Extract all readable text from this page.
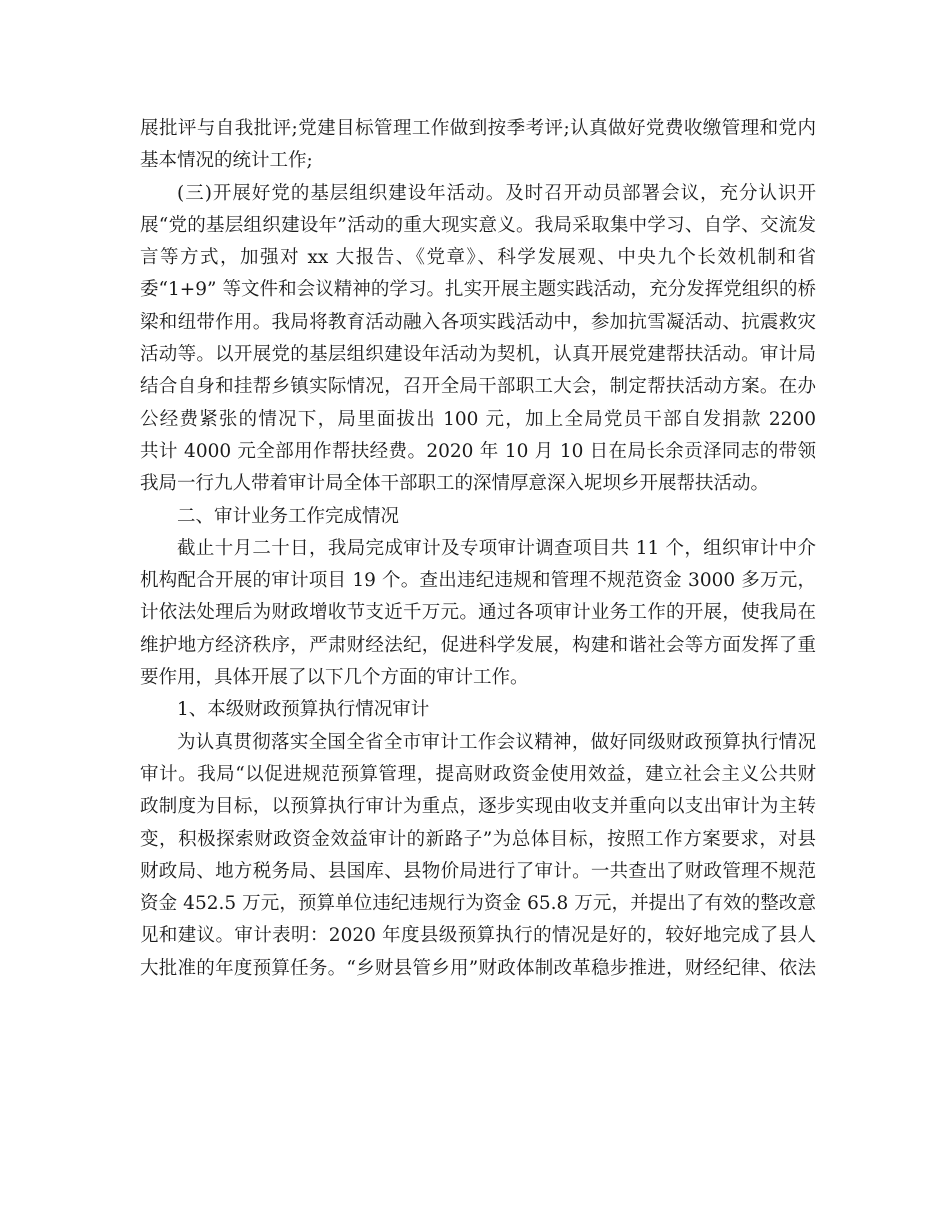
展批评与自我批评;党建目标管理工作做到按季考评;认真做好党费收缴管理和党内
基本情况的统计工作;
(三)开展好党的基层组织建设年活动。及时召开动员部署会议，充分认识开
展“党的基层组织建设年”活动的重大现实意义。我局采取集中学习、自学、交流发
言等方式，加强对 xx 大报告、《党章》、科学发展观、中央九个长效机制和省
委“1+9” 等文件和会议精神的学习。扎实开展主题实践活动，充分发挥党组织的桥
梁和纽带作用。我局将教育活动融入各项实践活动中，参加抗雪凝活动、抗震救灾
活动等。以开展党的基层组织建设年活动为契机，认真开展党建帮扶活动。审计局
结合自身和挂帮乡镇实际情况，召开全局干部职工大会，制定帮扶活动方案。在办
公经费紧张的情况下，局里面拔出 100 元，加上全局党员干部自发捐款 2200
共计 4000 元全部用作帮扶经费。2020 年 10 月 10 日在局长余贡泽同志的带领
我局一行九人带着审计局全体干部职工的深情厚意深入坭坝乡开展帮扶活动。
二、审计业务工作完成情况
截止十月二十日，我局完成审计及专项审计调查项目共 11 个，组织审计中介
机构配合开展的审计项目 19 个。查出违纪违规和管理不规范资金 3000 多万元，
计依法处理后为财政增收节支近千万元。通过各项审计业务工作的开展，使我局在
维护地方经济秩序，严肃财经法纪，促进科学发展，构建和谐社会等方面发挥了重
要作用，具体开展了以下几个方面的审计工作。
1、本级财政预算执行情况审计
为认真贯彻落实全国全省全市审计工作会议精神，做好同级财政预算执行情况
审计。我局“以促进规范预算管理，提高财政资金使用效益，建立社会主义公共财
政制度为目标，以预算执行审计为重点，逐步实现由收支并重向以支出审计为主转
变，积极探索财政资金效益审计的新路子”为总体目标，按照工作方案要求，对县
财政局、地方税务局、县国库、县物价局进行了审计。一共查出了财政管理不规范
资金 452.5 万元，预算单位违纪违规行为资金 65.8 万元，并提出了有效的整改意
见和建议。审计表明：2020 年度县级预算执行的情况是好的，较好地完成了县人
大批准的年度预算任务。“乡财县管乡用”财政体制改革稳步推进，财经纪律、依法
